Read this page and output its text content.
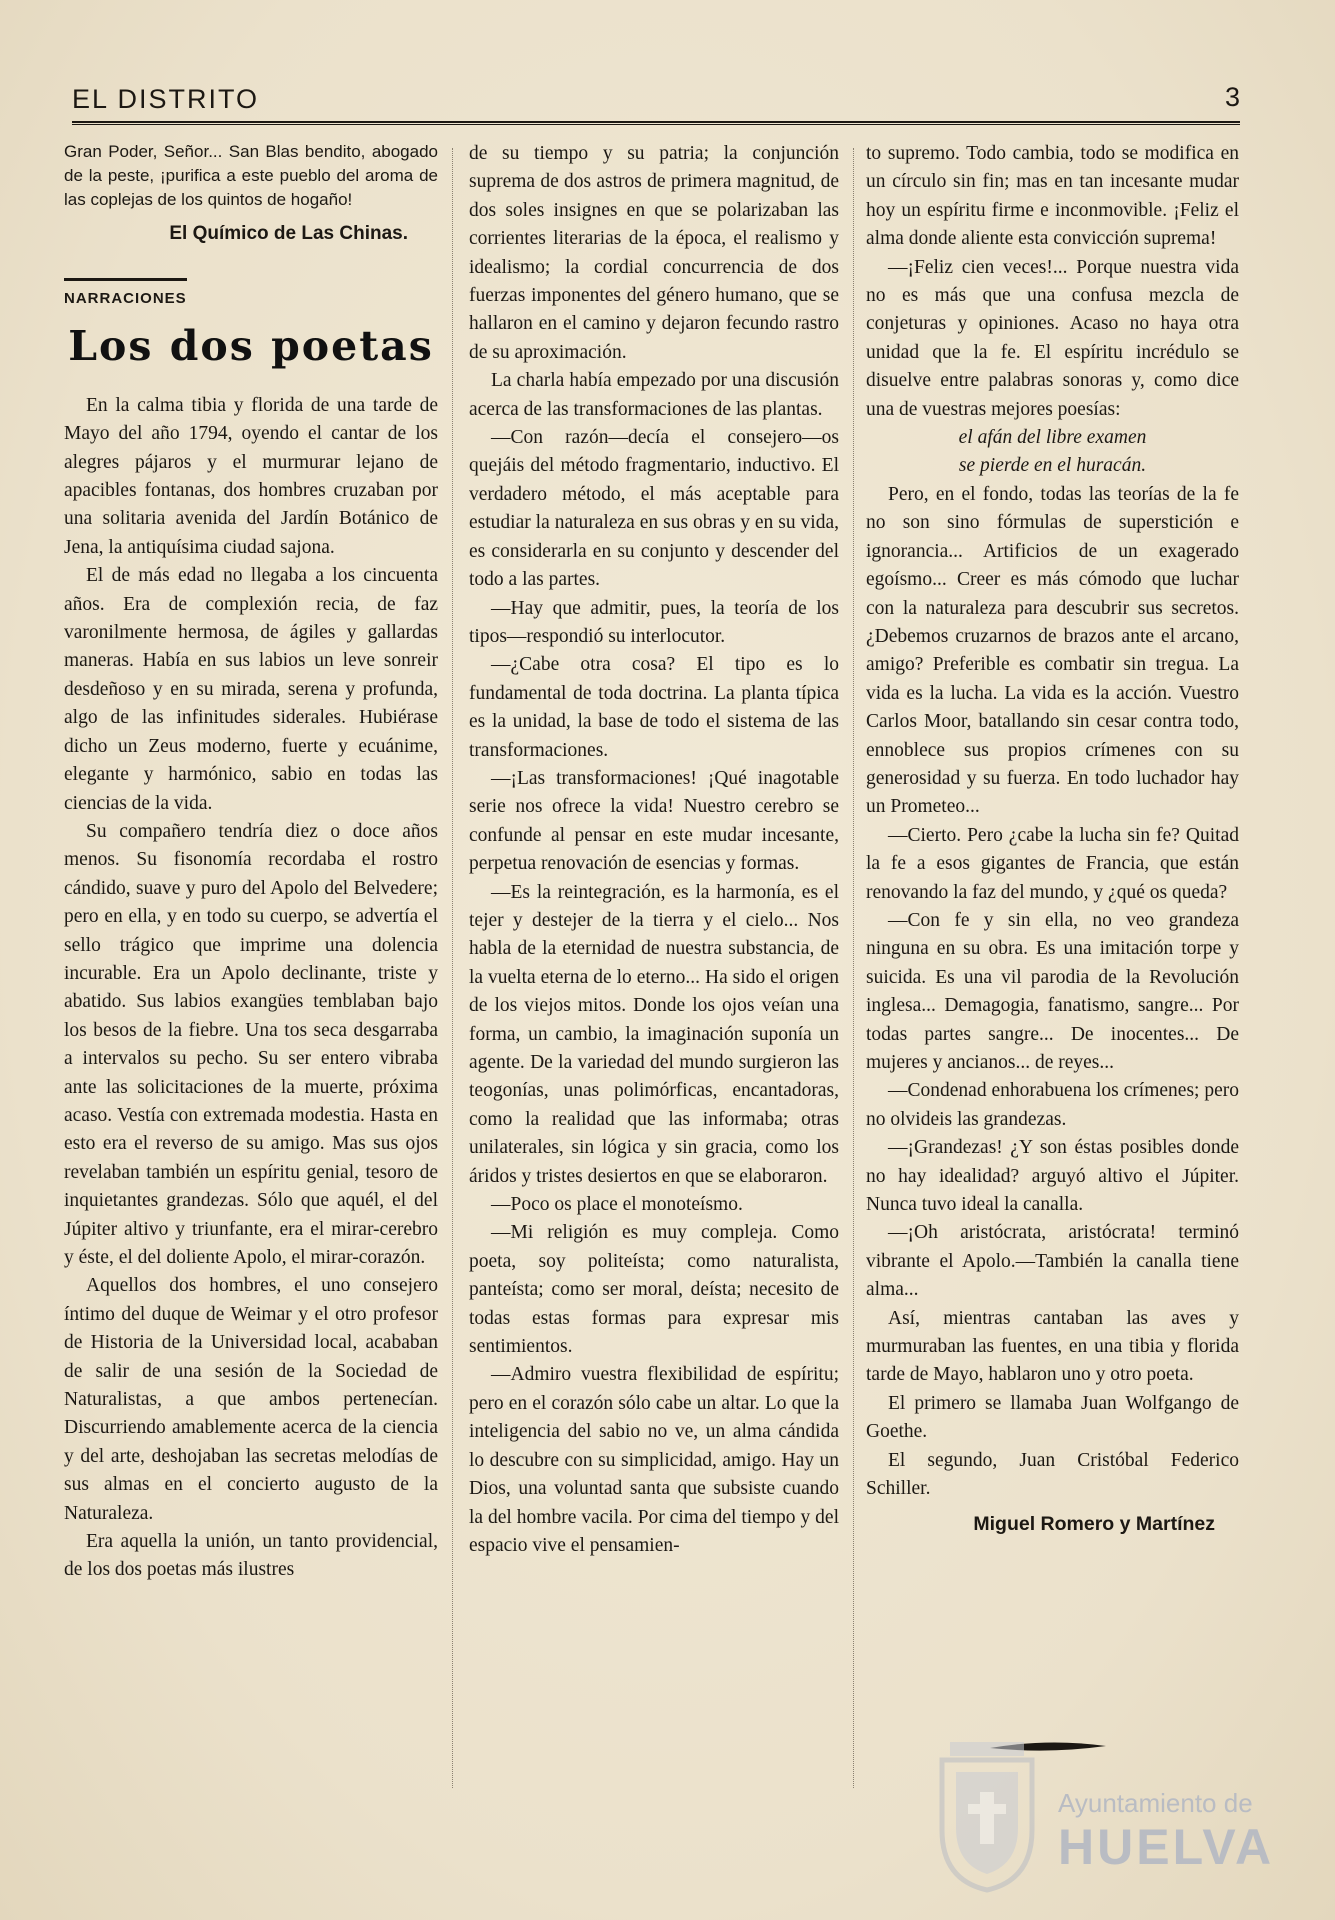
EL DISTRITO	3

Gran Poder, Señor... San Blas bendito, abogado de la peste, ¡purifica a este pueblo del aroma de las coplejas de los quintos de hogaño!

El Químico de Las Chinas.
NARRACIONES
Los dos poetas

En la calma tibia y florida de una tarde de Mayo del año 1794, oyendo el cantar de los alegres pájaros y el murmurar lejano de apacibles fontanas, dos hombres cruzaban por una solitaria avenida del Jardín Botánico de Jena, la antiquísima ciudad sajona.

El de más edad no llegaba a los cincuenta años. Era de complexión recia, de faz varonilmente hermosa, de ágiles y gallardas maneras. Había en sus labios un leve sonreir desdeñoso y en su mirada, serena y profunda, algo de las infinitudes siderales. Hubiérase dicho un Zeus moderno, fuerte y ecuánime, elegante y harmónico, sabio en todas las ciencias de la vida.

Su compañero tendría diez o doce años menos. Su fisonomía recordaba el rostro cándido, suave y puro del Apolo del Belvedere; pero en ella, y en todo su cuerpo, se advertía el sello trágico que imprime una dolencia incurable. Era un Apolo declinante, triste y abatido. Sus labios exangües temblaban bajo los besos de la fiebre. Una tos seca desgarraba a intervalos su pecho. Su ser entero vibraba ante las solicitaciones de la muerte, próxima acaso. Vestía con extremada modestia. Hasta en esto era el reverso de su amigo. Mas sus ojos revelaban también un espíritu genial, tesoro de inquietantes grandezas. Sólo que aquél, el del Júpiter altivo y triunfante, era el mirar-cerebro y éste, el del doliente Apolo, el mirar-corazón.

Aquellos dos hombres, el uno consejero íntimo del duque de Weimar y el otro profesor de Historia de la Universidad local, acababan de salir de una sesión de la Sociedad de Naturalistas, a que ambos pertenecían. Discurriendo amablemente acerca de la ciencia y del arte, deshojaban las secretas melodías de sus almas en el concierto augusto de la Naturaleza.

Era aquella la unión, un tanto providencial, de los dos poetas más ilustres

de su tiempo y su patria; la conjunción suprema de dos astros de primera magnitud, de dos soles insignes en que se polarizaban las corrientes literarias de la época, el realismo y idealismo; la cordial concurrencia de dos fuerzas imponentes del género humano, que se hallaron en el camino y dejaron fecundo rastro de su aproximación.

La charla había empezado por una discusión acerca de las transformaciones de las plantas.

—Con razón—decía el consejero—os quejáis del método fragmentario, inductivo. El verdadero método, el más aceptable para estudiar la naturaleza en sus obras y en su vida, es considerarla en su conjunto y descender del todo a las partes.

—Hay que admitir, pues, la teoría de los tipos—respondió su interlocutor.

—¿Cabe otra cosa? El tipo es lo fundamental de toda doctrina. La planta típica es la unidad, la base de todo el sistema de las transformaciones.

—¡Las transformaciones! ¡Qué inagotable serie nos ofrece la vida! Nuestro cerebro se confunde al pensar en este mudar incesante, perpetua renovación de esencias y formas.

—Es la reintegración, es la harmonía, es el tejer y destejer de la tierra y el cielo... Nos habla de la eternidad de nuestra substancia, de la vuelta eterna de lo eterno... Ha sido el origen de los viejos mitos. Donde los ojos veían una forma, un cambio, la imaginación suponía un agente. De la variedad del mundo surgieron las teogonías, unas polimórficas, encantadoras, como la realidad que las informaba; otras unilaterales, sin lógica y sin gracia, como los áridos y tristes desiertos en que se elaboraron.

—Poco os place el monoteísmo.

—Mi religión es muy compleja. Como poeta, soy politeísta; como naturalista, panteísta; como ser moral, deísta; necesito de todas estas formas para expresar mis sentimientos.

—Admiro vuestra flexibilidad de espíritu; pero en el corazón sólo cabe un altar. Lo que la inteligencia del sabio no ve, un alma cándida lo descubre con su simplicidad, amigo. Hay un Dios, una voluntad santa que subsiste cuando la del hombre vacila. Por cima del tiempo y del espacio vive el pensamien-

to supremo. Todo cambia, todo se modifica en un círculo sin fin; mas en tan incesante mudar hoy un espíritu firme e inconmovible. ¡Feliz el alma donde aliente esta convicción suprema!

—¡Feliz cien veces!... Porque nuestra vida no es más que una confusa mezcla de conjeturas y opiniones. Acaso no haya otra unidad que la fe. El espíritu incrédulo se disuelve entre palabras sonoras y, como dice una de vuestras mejores poesías:

el afán del libre examen

se pierde en el huracán.

Pero, en el fondo, todas las teorías de la fe no son sino fórmulas de superstición e ignorancia... Artificios de un exagerado egoísmo... Creer es más cómodo que luchar con la naturaleza para descubrir sus secretos. ¿Debemos cruzarnos de brazos ante el arcano, amigo? Preferible es combatir sin tregua. La vida es la lucha. La vida es la acción. Vuestro Carlos Moor, batallando sin cesar contra todo, ennoblece sus propios crímenes con su generosidad y su fuerza. En todo luchador hay un Prometeo...

—Cierto. Pero ¿cabe la lucha sin fe? Quitad la fe a esos gigantes de Francia, que están renovando la faz del mundo, y ¿qué os queda?

—Con fe y sin ella, no veo grandeza ninguna en su obra. Es una imitación torpe y suicida. Es una vil parodia de la Revolución inglesa... Demagogia, fanatismo, sangre... Por todas partes sangre... De inocentes... De mujeres y ancianos... de reyes...

—Condenad enhorabuena los crímenes; pero no olvideis las grandezas.

—¡Grandezas! ¿Y son éstas posibles donde no hay idealidad? arguyó altivo el Júpiter. Nunca tuvo ideal la canalla.

—¡Oh aristócrata, aristócrata! terminó vibrante el Apolo.—También la canalla tiene alma...

Así, mientras cantaban las aves y murmuraban las fuentes, en una tibia y florida tarde de Mayo, hablaron uno y otro poeta.

El primero se llamaba Juan Wolfgango de Goethe.

El segundo, Juan Cristóbal Federico Schiller.

Miguel Romero y Martínez

Ayuntamiento de
HUELVA
